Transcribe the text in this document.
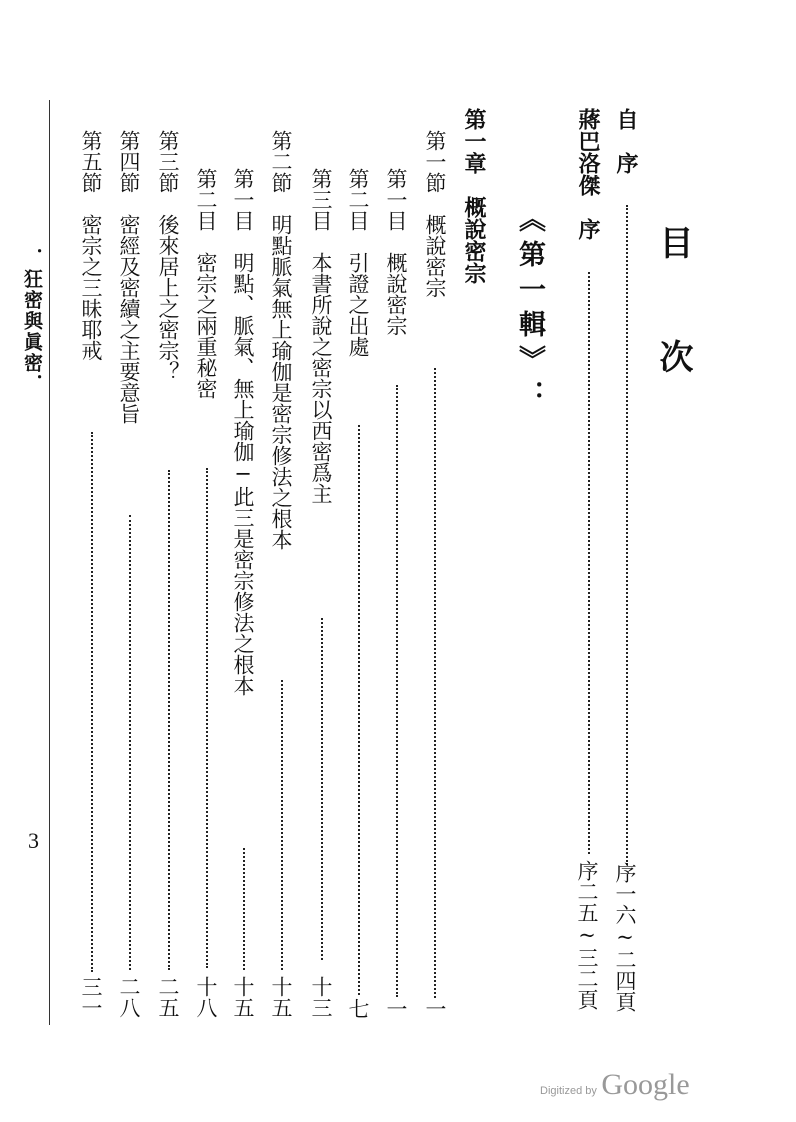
目次
自　序
序一六~二四頁
蔣巴洛傑　序
序二五~三二頁
《第一輯》：
第一章　概說密宗
第一節　概說密宗
一
第一目　概說密宗
一
第二目　引證之出處
七
第三目　本書所說之密宗以西密爲主
十三
第二節　明點脈氣無上瑜伽是密宗修法之根本
十五
第一目　明點、脈氣、無上瑜伽─此三是密宗修法之根本
十五
第二目　密宗之兩重秘密
十八
第三節　後來居上之密宗？
二五
第四節　密經及密續之主要意旨
二八
第五節　密宗之三昧耶戒
三一
．狂密與眞密．
3
Digitized by Google
